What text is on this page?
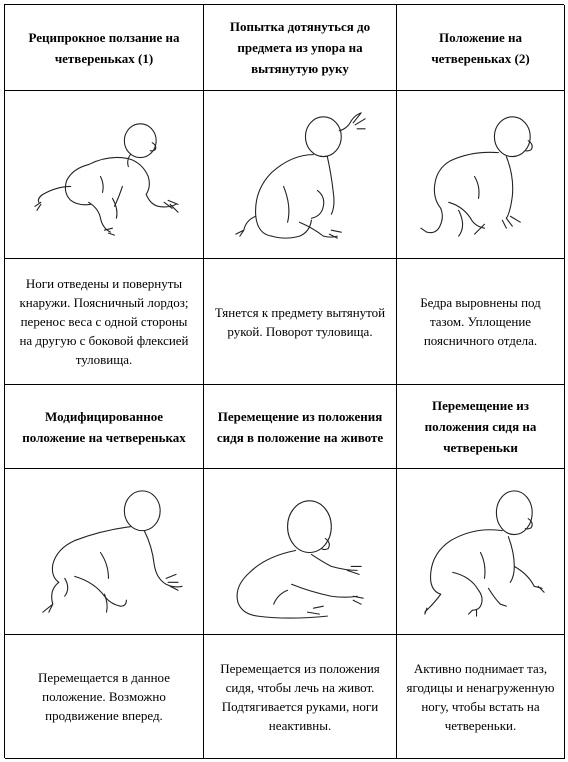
Реципрокное ползание на четвереньках (1)
Попытка дотянуться до предмета из упора на вытянутую руку
Положение на четвереньках (2)
Ноги отведены и повернуты кнаружи. Поясничный лордоз; перенос веса с одной стороны на другую с боковой флексией туловища.
Тянется к предмету вытянутой рукой. Поворот туловища.
Бедра выровнены под тазом. Уплощение поясничного отдела.
Модифицированное положение на четвереньках
Перемещение из положения сидя в положение на животе
Перемещение из положения сидя на четвереньки
Перемещается в данное положение. Возможно продвижение вперед.
Перемещается из положения сидя, чтобы лечь на живот. Подтягивается руками, ноги неактивны.
Активно поднимает таз, ягодицы и ненагруженную ногу, чтобы встать на четвереньки.
